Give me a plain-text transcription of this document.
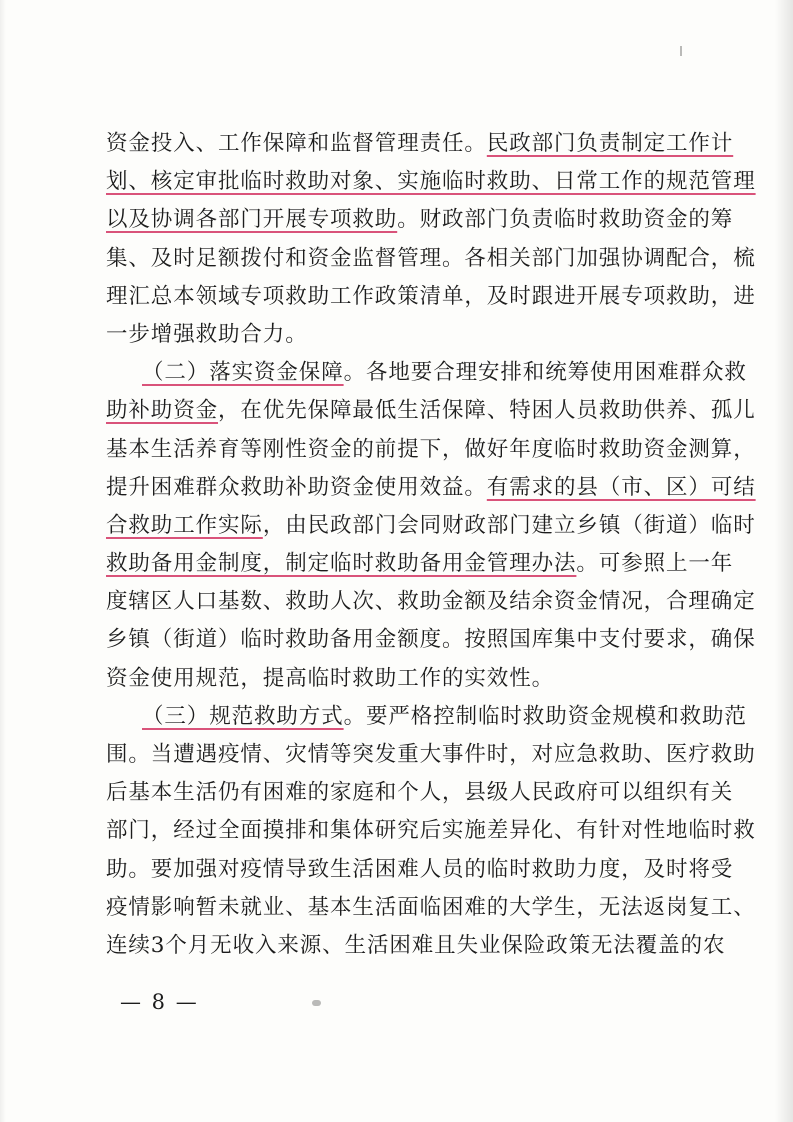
资金投入、工作保障和监督管理责任。民政部门负责制定工作计
划、核定审批临时救助对象、实施临时救助、日常工作的规范管理
以及协调各部门开展专项救助。财政部门负责临时救助资金的筹
集、及时足额拨付和资金监督管理。各相关部门加强协调配合，梳
理汇总本领域专项救助工作政策清单，及时跟进开展专项救助，进
一步增强救助合力。
（二）落实资金保障。各地要合理安排和统筹使用困难群众救
助补助资金，在优先保障最低生活保障、特困人员救助供养、孤儿
基本生活养育等刚性资金的前提下，做好年度临时救助资金测算，
提升困难群众救助补助资金使用效益。有需求的县（市、区）可结
合救助工作实际，由民政部门会同财政部门建立乡镇（街道）临时
救助备用金制度，制定临时救助备用金管理办法。可参照上一年
度辖区人口基数、救助人次、救助金额及结余资金情况，合理确定
乡镇（街道）临时救助备用金额度。按照国库集中支付要求，确保
资金使用规范，提高临时救助工作的实效性。
（三）规范救助方式。要严格控制临时救助资金规模和救助范
围。当遭遇疫情、灾情等突发重大事件时，对应急救助、医疗救助
后基本生活仍有困难的家庭和个人，县级人民政府可以组织有关
部门，经过全面摸排和集体研究后实施差异化、有针对性地临时救
助。要加强对疫情导致生活困难人员的临时救助力度，及时将受
疫情影响暂未就业、基本生活面临困难的大学生，无法返岗复工、
连续3个月无收入来源、生活困难且失业保险政策无法覆盖的农
— 8 —
